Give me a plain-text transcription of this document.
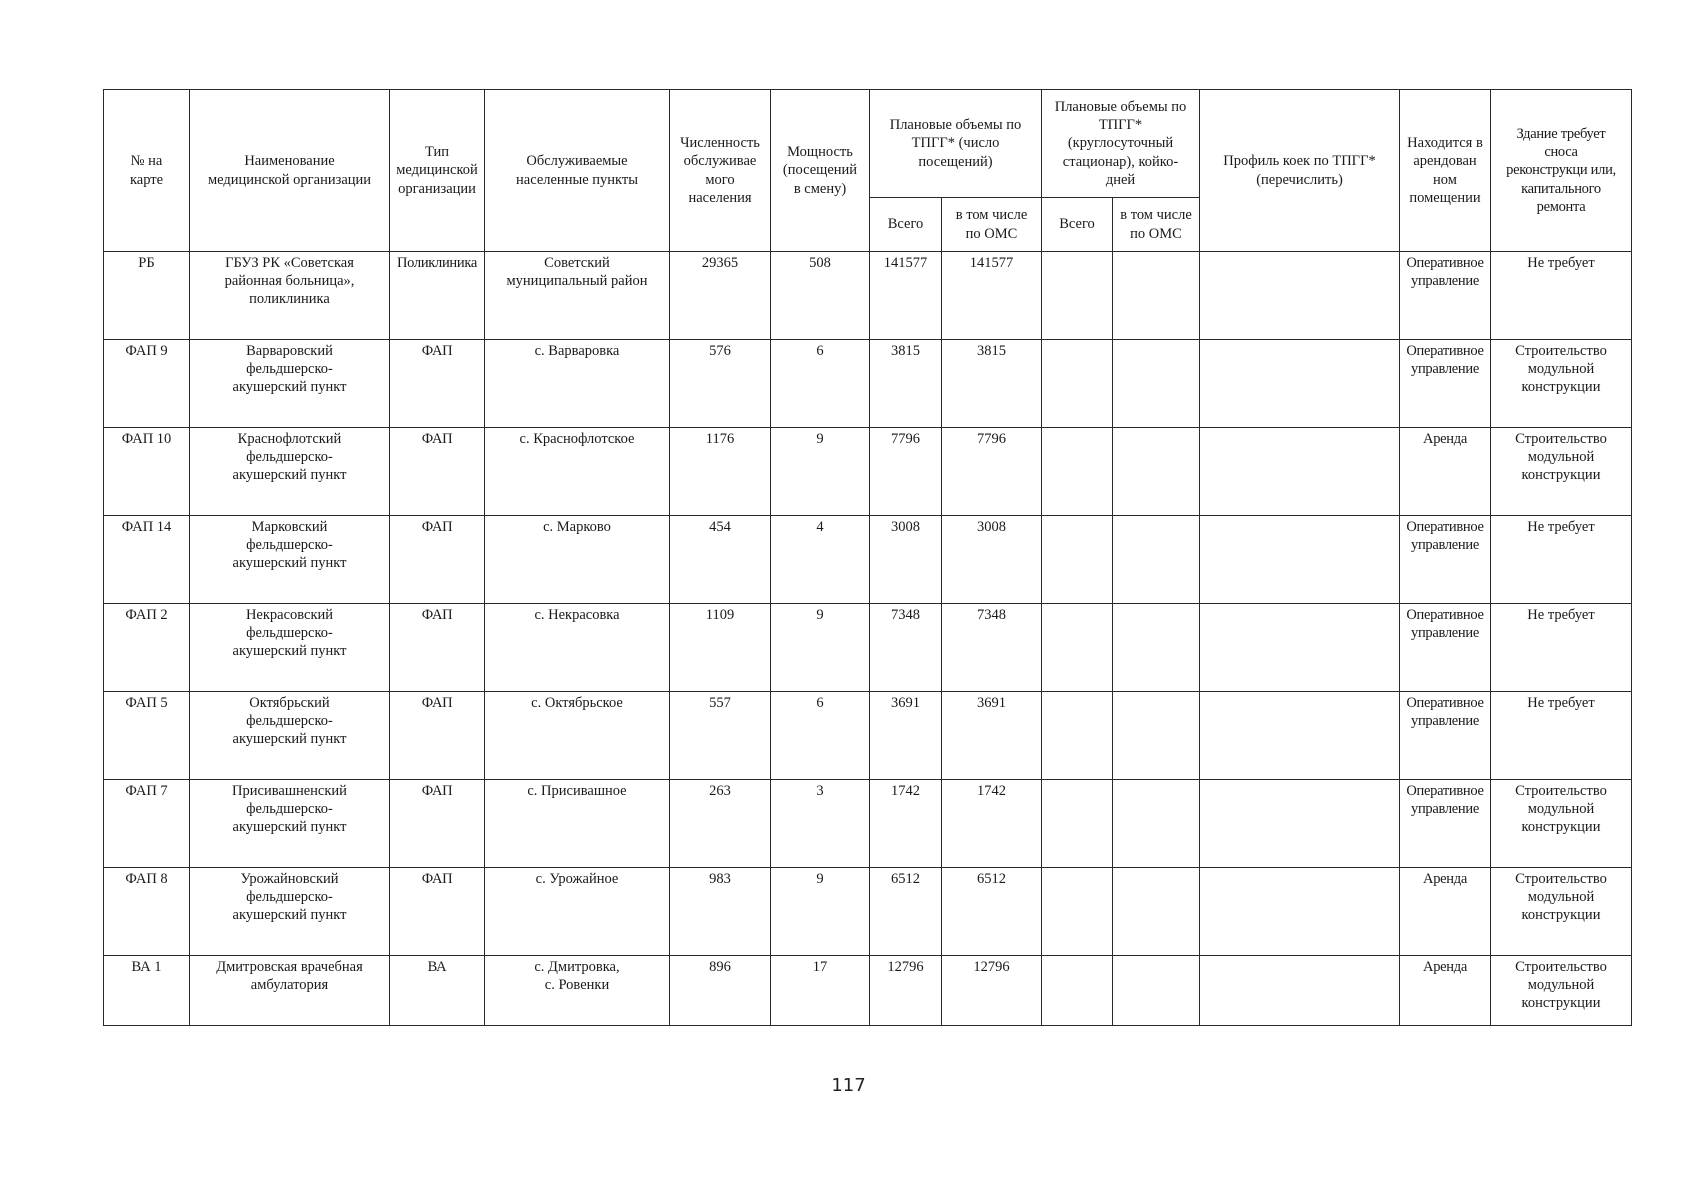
№ на
карте	Наименование
медицинской организации	Тип
медицинской
организации	Обслуживаемые
населенные пункты	Численность
обслуживае
мого
населения	Мощность
(посещений
в смену)	Плановые объемы по
ТПГГ* (число
посещений)		Плановые объемы по
ТПГГ*
(круглосуточный
стационар), койко-
дней		Профиль коек по ТПГГ*
(перечислить)	Находится в
арендован
ном
помещении	Здание требует
сноса
реконструкци или,
капитального
ремонта
						Всего	в том числе
по ОМС	Всего	в том числе
по ОМС			
РБ	ГБУЗ РК «Советская
районная больница»,
поликлиника	Поликлиника	Советский
муниципальный район	29365	508	141577	141577				Оперативное
управление	Не требует
ФАП 9	Варваровский
фельдшерско-
акушерский пункт	ФАП	с. Варваровка	576	6	3815	3815				Оперативное
управление	Строительство
модульной
конструкции
ФАП 10	Краснофлотский
фельдшерско-
акушерский пункт	ФАП	с. Краснофлотское	1176	9	7796	7796				Аренда	Строительство
модульной
конструкции
ФАП 14	Марковский
фельдшерско-
акушерский пункт	ФАП	с. Марково	454	4	3008	3008				Оперативное
управление	Не требует
ФАП 2	Некрасовский
фельдшерско-
акушерский пункт	ФАП	с. Некрасовка	1109	9	7348	7348				Оперативное
управление	Не требует
ФАП 5	Октябрьский
фельдшерско-
акушерский пункт	ФАП	с. Октябрьское	557	6	3691	3691				Оперативное
управление	Не требует
ФАП 7	Присивашненский
фельдшерско-
акушерский пункт	ФАП	с. Присивашное	263	3	1742	1742				Оперативное
управление	Строительство
модульной
конструкции
ФАП 8	Урожайновский
фельдшерско-
акушерский пункт	ФАП	с. Урожайное	983	9	6512	6512				Аренда	Строительство
модульной
конструкции
ВА 1	Дмитровская врачебная
амбулатория	ВА	с. Дмитровка,
с. Ровенки	896	17	12796	12796				Аренда	Строительство
модульной
конструкции
117
